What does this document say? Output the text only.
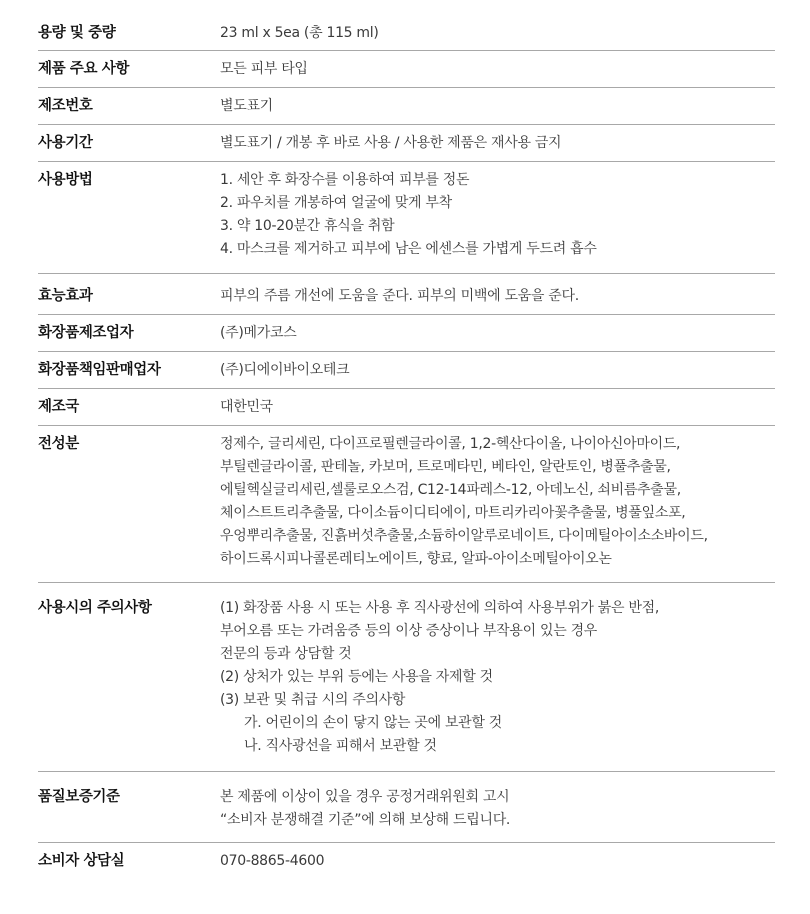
용량 및 중량	23 ml x 5ea (총 115 ml)
제품 주요 사항	모든 피부 타입
제조번호	별도표기
사용기간	별도표기 / 개봉 후 바로 사용 / 사용한 제품은 재사용 금지
사용방법	1. 세안 후 화장수를 이용하여 피부를 정돈
2. 파우치를 개봉하여 얼굴에 맞게 부착
3. 약 10-20분간 휴식을 취함
4. 마스크를 제거하고 피부에 남은 에센스를 가볍게 두드려 흡수
효능효과	피부의 주름 개선에 도움을 준다. 피부의 미백에 도움을 준다.
화장품제조업자	(주)메가코스
화장품책임판매업자	(주)디에이바이오테크
제조국	대한민국
전성분	정제수, 글리세린, 다이프로필렌글라이콜, 1,2-헥산다이올, 나이아신아마이드,
부틸렌글라이콜, 판테놀, 카보머, 트로메타민, 베타인, 알란토인, 병풀추출물,
에틸헥실글리세린,셀룰로오스검, C12-14파레스-12, 아데노신, 쇠비름추출물,
체이스트트리추출물, 다이소듐이디티에이, 마트리카리아꽃추출물, 병풀잎소포,
우엉뿌리추출물, 진흙버섯추출물,소듐하이알루로네이트, 다이메틸아이소소바이드,
하이드록시피나콜론레티노에이트, 향료, 알파-아이소메틸아이오논
사용시의 주의사항	(1) 화장품 사용 시 또는 사용 후 직사광선에 의하여 사용부위가 붉은 반점,
부어오름 또는 가려움증 등의 이상 증상이나 부작용이 있는 경우
전문의 등과 상담할 것
(2) 상처가 있는 부위 등에는 사용을 자제할 것
(3) 보관 및 취급 시의 주의사항
가. 어린이의 손이 닿지 않는 곳에 보관할 것
나. 직사광선을 피해서 보관할 것
품질보증기준	본 제품에 이상이 있을 경우 공정거래위원회 고시
“소비자 분쟁해결 기준”에 의해 보상해 드립니다.
소비자 상담실	070-8865-4600
